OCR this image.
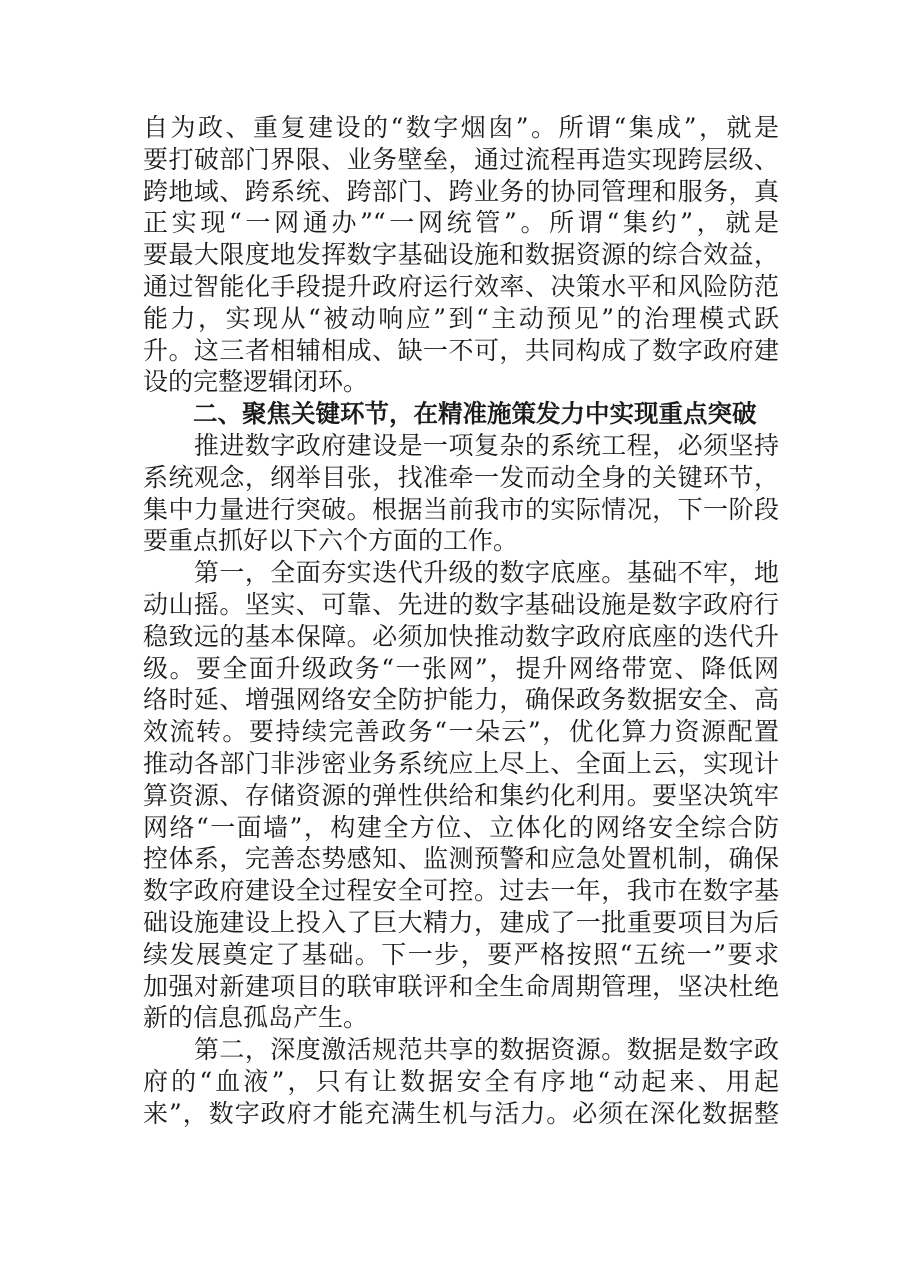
自为政、重复建设的“数字烟囱”。所谓“集成”，就是
要打破部门界限、业务壁垒，通过流程再造实现跨层级、
跨地域、跨系统、跨部门、跨业务的协同管理和服务，真
正实现“一网通办”“一网统管”。所谓“集约”，就是
要最大限度地发挥数字基础设施和数据资源的综合效益，
通过智能化手段提升政府运行效率、决策水平和风险防范
能力，实现从“被动响应”到“主动预见”的治理模式跃
升。这三者相辅相成、缺一不可，共同构成了数字政府建
设的完整逻辑闭环。
二、聚焦关键环节，在精准施策发力中实现重点突破
　　推进数字政府建设是一项复杂的系统工程，必须坚持
系统观念，纲举目张，找准牵一发而动全身的关键环节，
集中力量进行突破。根据当前我市的实际情况，下一阶段
要重点抓好以下六个方面的工作。
　　第一，全面夯实迭代升级的数字底座。基础不牢，地
动山摇。坚实、可靠、先进的数字基础设施是数字政府行
稳致远的基本保障。必须加快推动数字政府底座的迭代升
级。要全面升级政务“一张网”，提升网络带宽、降低网
络时延、增强网络安全防护能力，确保政务数据安全、高
效流转。要持续完善政务“一朵云”，优化算力资源配置
推动各部门非涉密业务系统应上尽上、全面上云，实现计
算资源、存储资源的弹性供给和集约化利用。要坚决筑牢
网络“一面墙”，构建全方位、立体化的网络安全综合防
控体系，完善态势感知、监测预警和应急处置机制，确保
数字政府建设全过程安全可控。过去一年，我市在数字基
础设施建设上投入了巨大精力，建成了一批重要项目为后
续发展奠定了基础。下一步，要严格按照“五统一”要求
加强对新建项目的联审联评和全生命周期管理，坚决杜绝
新的信息孤岛产生。
　　第二，深度激活规范共享的数据资源。数据是数字政
府的“血液”，只有让数据安全有序地“动起来、用起
来”，数字政府才能充满生机与活力。必须在深化数据整
